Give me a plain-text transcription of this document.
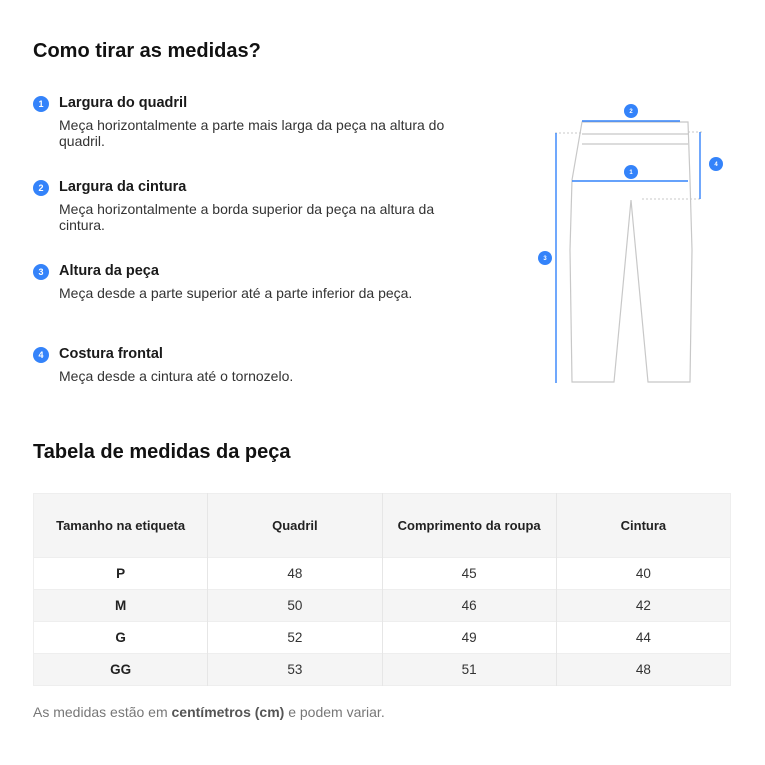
Como tirar as medidas?
1	Largura do quadril
Meça horizontalmente a parte mais larga da peça na altura do quadril.
2	Largura da cintura
Meça horizontalmente a borda superior da peça na altura da cintura.
3	Altura da peça
Meça desde a parte superior até a parte inferior da peça.
4	Costura frontal
Meça desde a cintura até o tornozelo.
2
4
1
3
Tabela de medidas da peça
Tamanho na etiqueta	Quadril	Comprimento da roupa	Cintura
P	48	45	40
M	50	46	42
G	52	49	44
GG	53	51	48
As medidas estão em centímetros (cm) e podem variar.
